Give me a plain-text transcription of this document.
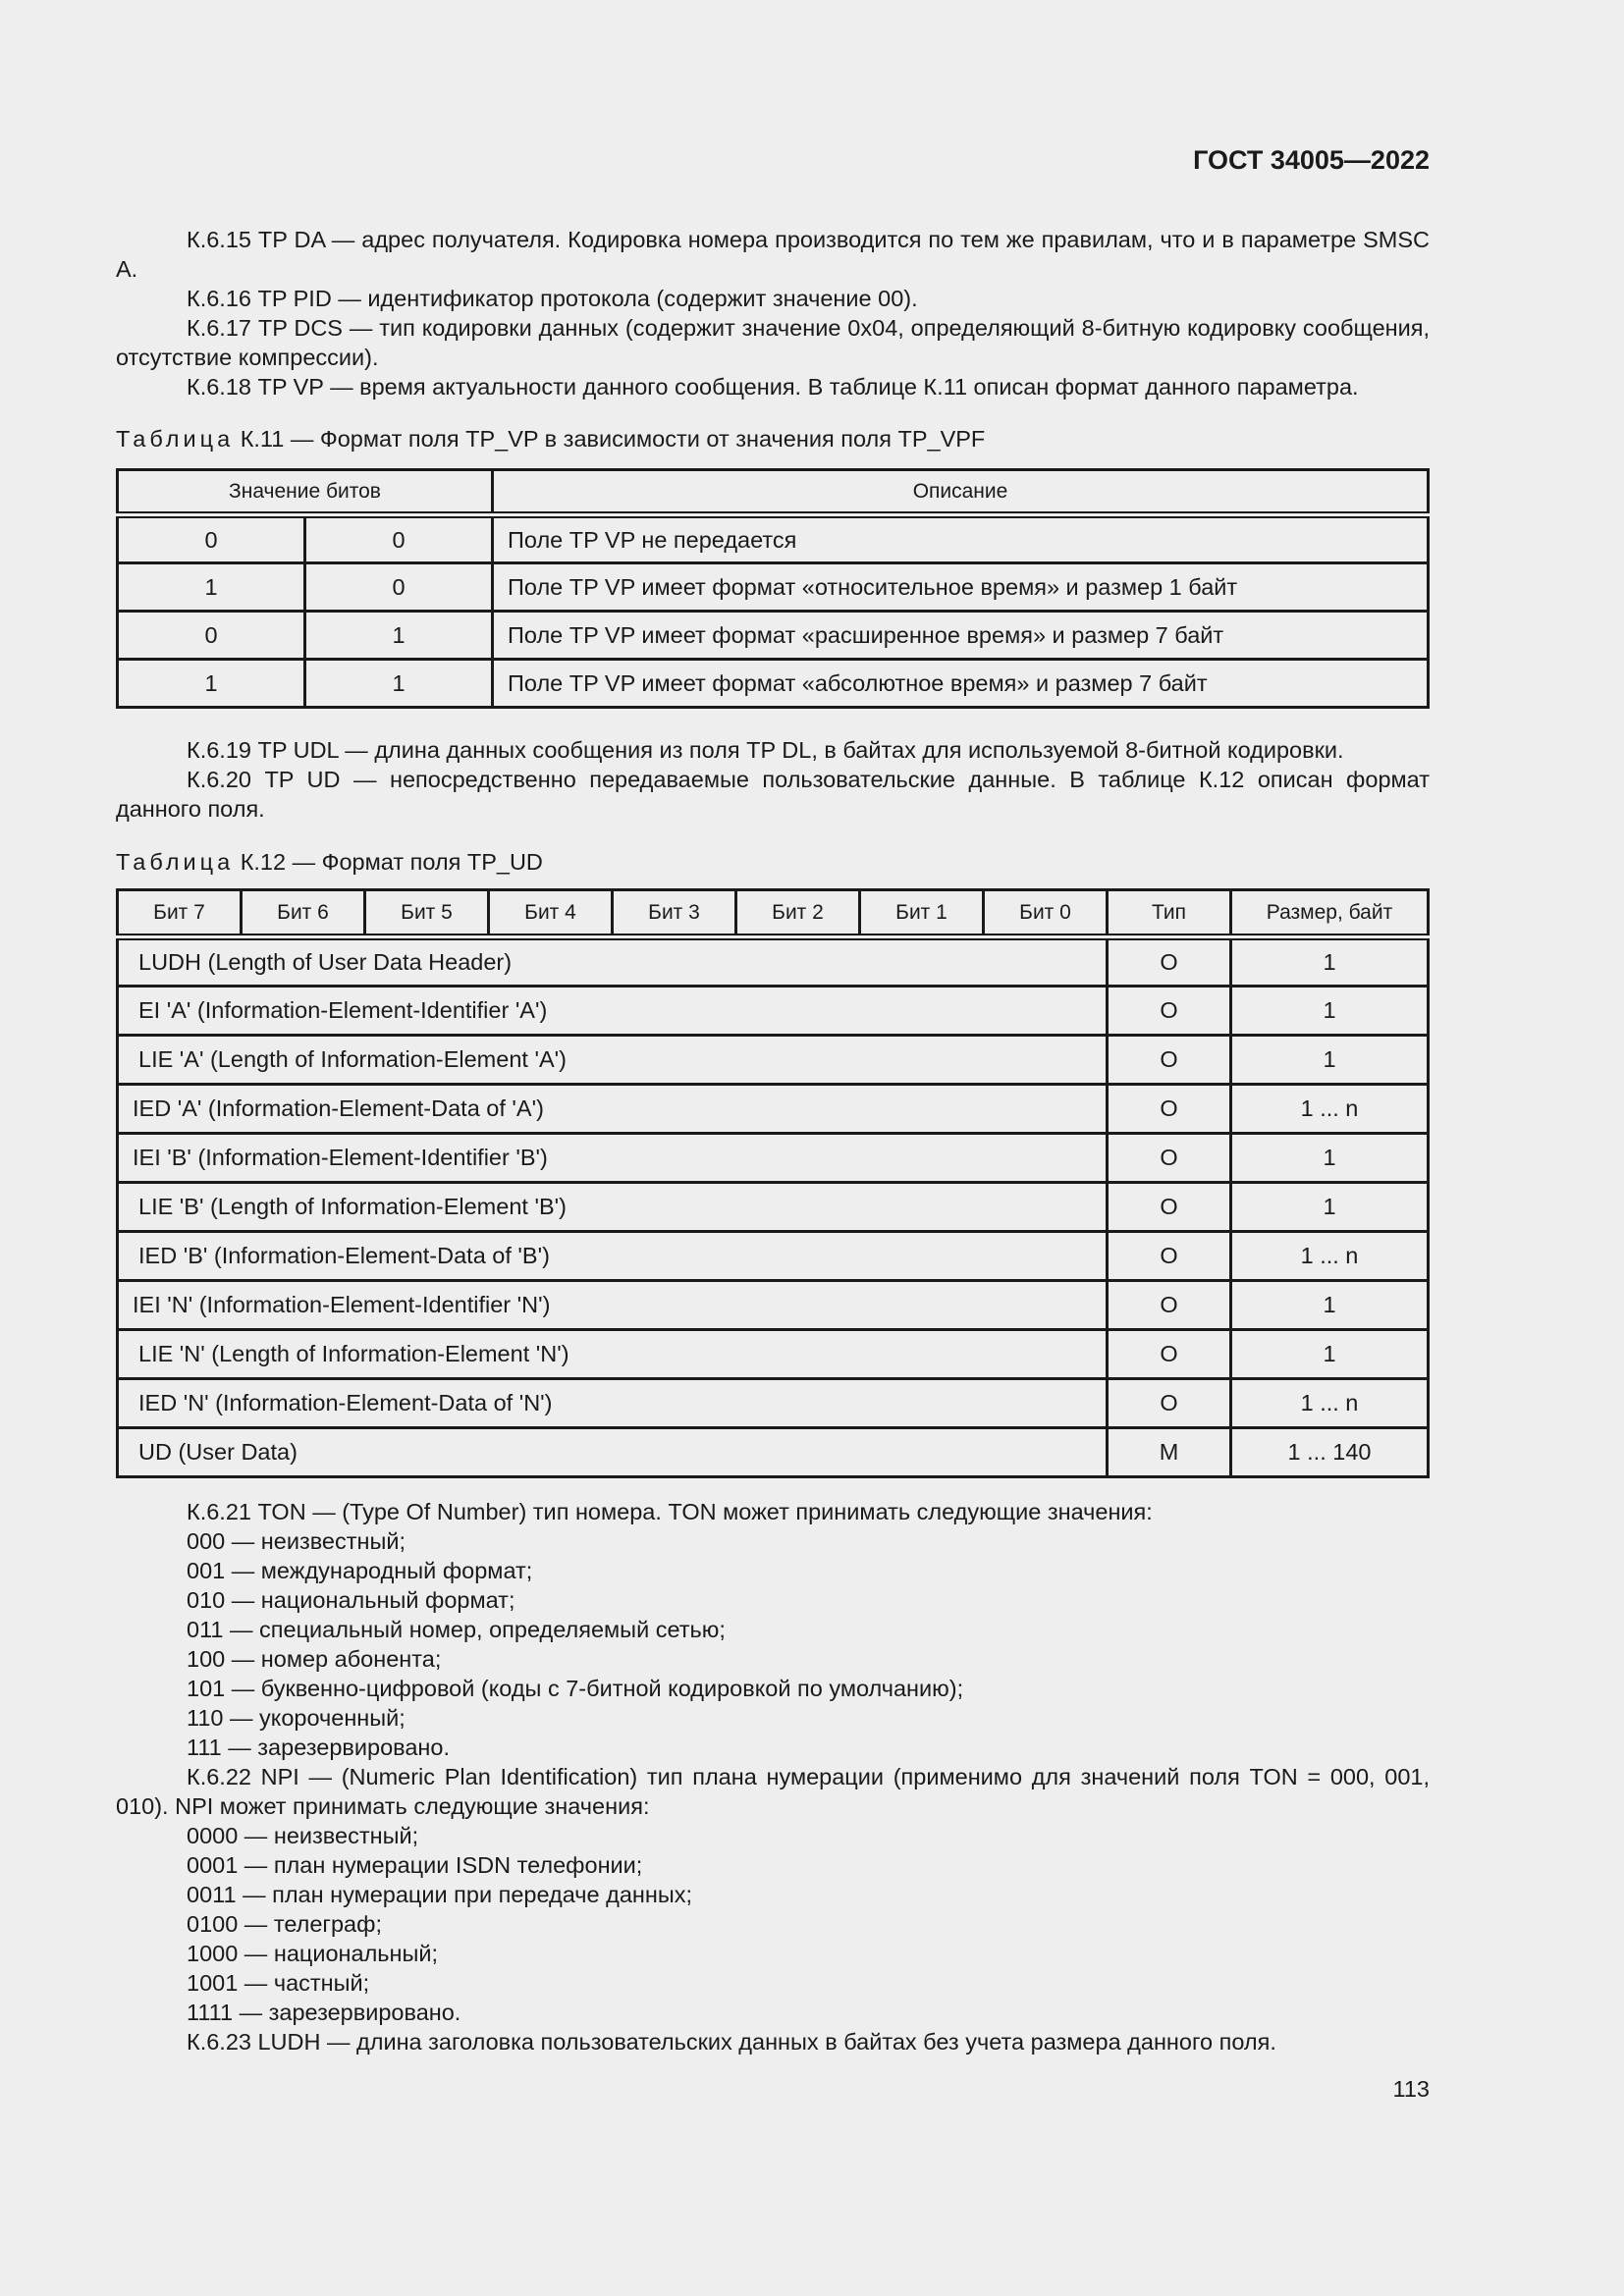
ГОСТ 34005—2022

К.6.15 TP DA — адрес получателя. Кодировка номера производится по тем же правилам, что и в параметре SMSC A.

К.6.16 TP PID — идентификатор протокола (содержит значение 00).

К.6.17 TP DCS — тип кодировки данных (содержит значение 0x04, определяющий 8-битную кодировку сообщения, отсутствие компрессии).

К.6.18 TP VP — время актуальности данного сообщения. В таблице К.11 описан формат данного параметра.

Таблица К.11 — Формат поля TP_VP в зависимости от значения поля TP_VPF
Значение битов		Описание
0	0	Поле TP VP не передается
1	0	Поле TP VP имеет формат «относительное время» и размер 1 байт
0	1	Поле TP VP имеет формат «расширенное время» и размер 7 байт
1	1	Поле TP VP имеет формат «абсолютное время» и размер 7 байт

К.6.19 TP UDL — длина данных сообщения из поля TP DL, в байтах для используемой 8-битной кодировки.

К.6.20 TP UD — непосредственно передаваемые пользовательские данные. В таблице К.12 описан формат данного поля.

Таблица К.12 — Формат поля TP_UD
Бит 7	Бит 6	Бит 5	Бит 4	Бит 3	Бит 2	Бит 1	Бит 0	Тип	Размер, байт
LUDH (Length of User Data Header)								O	1
EI 'A' (Information-Element-Identifier 'A')								O	1
LIE 'A' (Length of Information-Element 'A')								O	1
IED 'A' (Information-Element-Data of 'A')								O	1 ... n
IEI 'B' (Information-Element-Identifier 'B')								O	1
LIE 'B' (Length of Information-Element 'B')								O	1
IED 'B' (Information-Element-Data of 'B')								O	1 ... n
IEI 'N' (Information-Element-Identifier 'N')								O	1
LIE 'N' (Length of Information-Element 'N')								O	1
IED 'N' (Information-Element-Data of 'N')								O	1 ... n
UD (User Data)								M	1 ... 140

К.6.21 TON — (Type Of Number) тип номера. TON может принимать следующие значения:

000 — неизвестный;

001 — международный формат;

010 — национальный формат;

011 — специальный номер, определяемый сетью;

100 — номер абонента;

101 — буквенно-цифровой (коды с 7-битной кодировкой по умолчанию);

110 — укороченный;

111 — зарезервировано.

К.6.22 NPI — (Numeric Plan Identification) тип плана нумерации (применимо для значений поля TON = 000, 001, 010). NPI может принимать следующие значения:

0000 — неизвестный;

0001 — план нумерации ISDN телефонии;

0011 — план нумерации при передаче данных;

0100 — телеграф;

1000 — национальный;

1001 — частный;

1111 — зарезервировано.

К.6.23 LUDH — длина заголовка пользовательских данных в байтах без учета размера данного поля.

113
